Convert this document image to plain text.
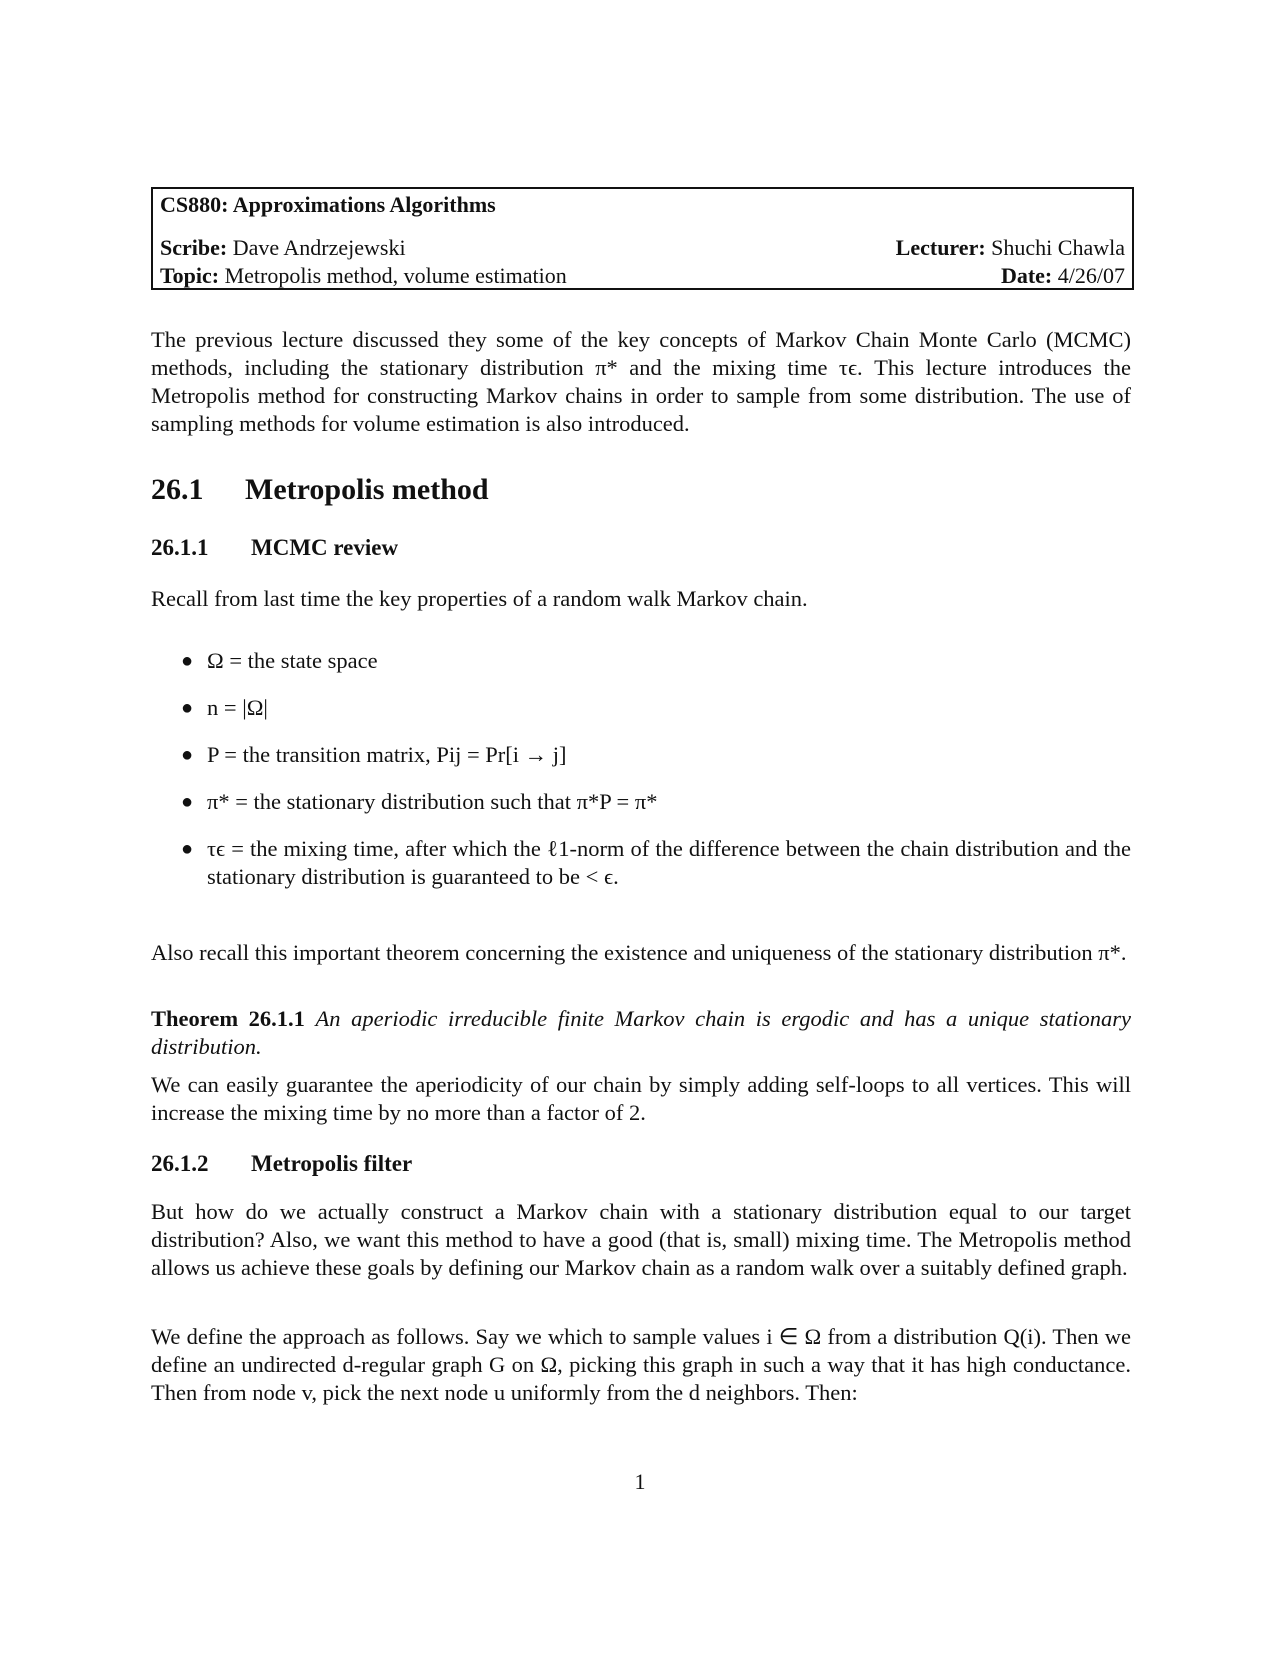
CS880: Approximations Algorithms
Scribe: Dave Andrzejewski
Topic: Metropolis method, volume estimation
Lecturer: Shuchi Chawla
Date: 4/26/07

The previous lecture discussed they some of the key concepts of Markov Chain Monte Carlo (MCMC) methods, including the stationary distribution π* and the mixing time τϵ. This lecture introduces the Metropolis method for constructing Markov chains in order to sample from some distribution. The use of sampling methods for volume estimation is also introduced.

26.1 Metropolis method
26.1.1 MCMC review

Recall from last time the key properties of a random walk Markov chain.

● Ω = the state space
● n = |Ω|
● P = the transition matrix, Pij = Pr[i → j]
● π* = the stationary distribution such that π*P = π*
● τϵ = the mixing time, after which the ℓ1-norm of the difference between the chain distribution and the stationary distribution is guaranteed to be < ϵ.

Also recall this important theorem concerning the existence and uniqueness of the stationary distribution π*.

Theorem 26.1.1 An aperiodic irreducible finite Markov chain is ergodic and has a unique stationary distribution.

We can easily guarantee the aperiodicity of our chain by simply adding self-loops to all vertices. This will increase the mixing time by no more than a factor of 2.

26.1.2 Metropolis filter

But how do we actually construct a Markov chain with a stationary distribution equal to our target distribution? Also, we want this method to have a good (that is, small) mixing time. The Metropolis method allows us achieve these goals by defining our Markov chain as a random walk over a suitably defined graph.

We define the approach as follows. Say we which to sample values i ∈ Ω from a distribution Q(i). Then we define an undirected d-regular graph G on Ω, picking this graph in such a way that it has high conductance. Then from node v, pick the next node u uniformly from the d neighbors. Then:

1
